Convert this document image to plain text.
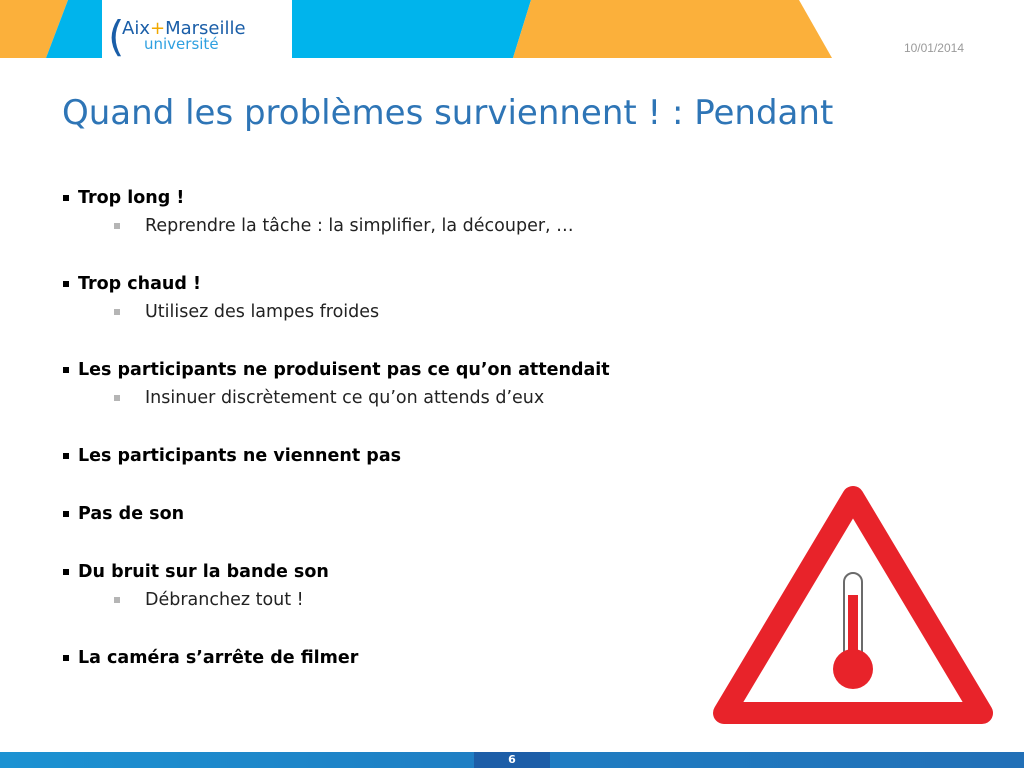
(
Aix+Marseille
université	10/01/2014
Quand les problèmes surviennent ! : Pendant
Trop long !
Reprendre la tâche : la simplifier, la découper, …
Trop chaud !
Utilisez des lampes froides
Les participants ne produisent pas ce qu’on attendait
Insinuer discrètement ce qu’on attends d’eux
Les participants ne viennent pas
Pas de son
Du bruit sur la bande son
Débranchez tout !
La caméra s’arrête de filmer
6
